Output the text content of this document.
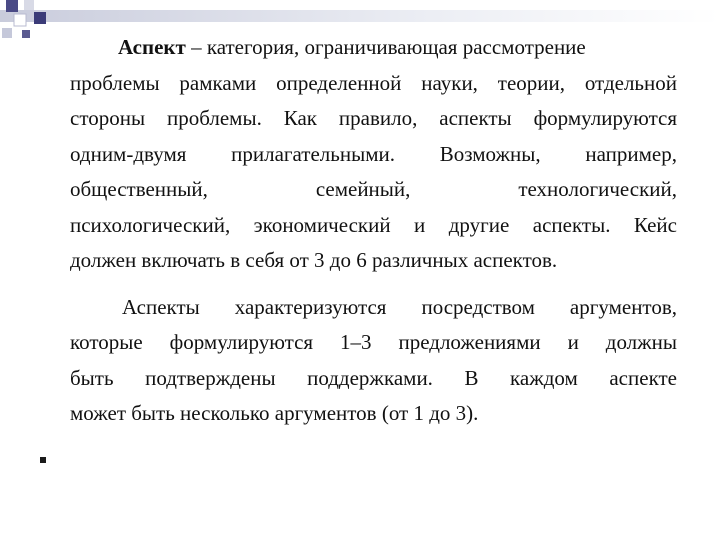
Аспект – категория, ограничивающая рассмотрение
проблемы рамками определенной науки, теории, отдельной
стороны проблемы. Как правило, аспекты формулируются
одним-двумя прилагательными. Возможны, например,
общественный, семейный, технологический,
психологический, экономический и другие аспекты. Кейс
должен включать в себя от 3 до 6 различных аспектов.

Аспекты характеризуются посредством аргументов,
которые формулируются 1–3 предложениями и должны
быть подтверждены поддержками. В каждом аспекте
может быть несколько аргументов (от 1 до 3).
